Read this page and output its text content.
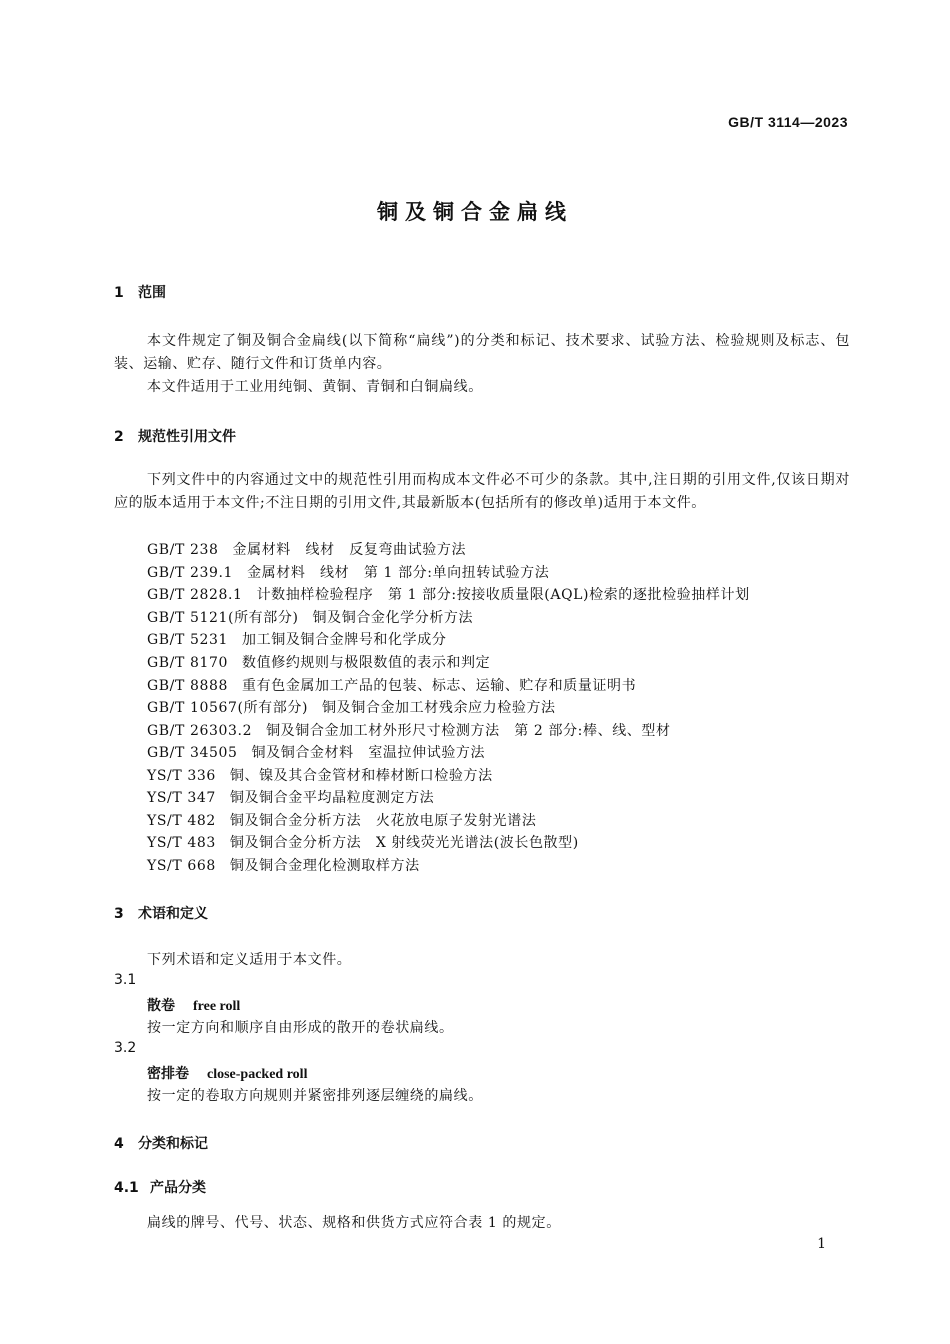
GB/T 3114—2023
铜及铜合金扁线
1 范围
本文件规定了铜及铜合金扁线(以下简称“扁线”)的分类和标记、技术要求、试验方法、检验规则及标志、包装、运输、贮存、随行文件和订货单内容。
本文件适用于工业用纯铜、黄铜、青铜和白铜扁线。
2 规范性引用文件
下列文件中的内容通过文中的规范性引用而构成本文件必不可少的条款。其中,注日期的引用文件,仅该日期对应的版本适用于本文件;不注日期的引用文件,其最新版本(包括所有的修改单)适用于本文件。
GB/T 238 金属材料　线材　反复弯曲试验方法
GB/T 239.1 金属材料　线材　第 1 部分:单向扭转试验方法
GB/T 2828.1 计数抽样检验程序　第 1 部分:按接收质量限(AQL)检索的逐批检验抽样计划
GB/T 5121(所有部分) 铜及铜合金化学分析方法
GB/T 5231 加工铜及铜合金牌号和化学成分
GB/T 8170 数值修约规则与极限数值的表示和判定
GB/T 8888 重有色金属加工产品的包装、标志、运输、贮存和质量证明书
GB/T 10567(所有部分) 铜及铜合金加工材残余应力检验方法
GB/T 26303.2 铜及铜合金加工材外形尺寸检测方法　第 2 部分:棒、线、型材
GB/T 34505 铜及铜合金材料　室温拉伸试验方法
YS/T 336 铜、镍及其合金管材和棒材断口检验方法
YS/T 347 铜及铜合金平均晶粒度测定方法
YS/T 482 铜及铜合金分析方法　火花放电原子发射光谱法
YS/T 483 铜及铜合金分析方法　X 射线荧光光谱法(波长色散型)
YS/T 668 铜及铜合金理化检测取样方法
3 术语和定义
下列术语和定义适用于本文件。
3.1
散卷 free roll
按一定方向和顺序自由形成的散开的卷状扁线。
3.2
密排卷 close-packed roll
按一定的卷取方向规则并紧密排列逐层缠绕的扁线。
4 分类和标记
4.1 产品分类
扁线的牌号、代号、状态、规格和供货方式应符合表 1 的规定。
1
